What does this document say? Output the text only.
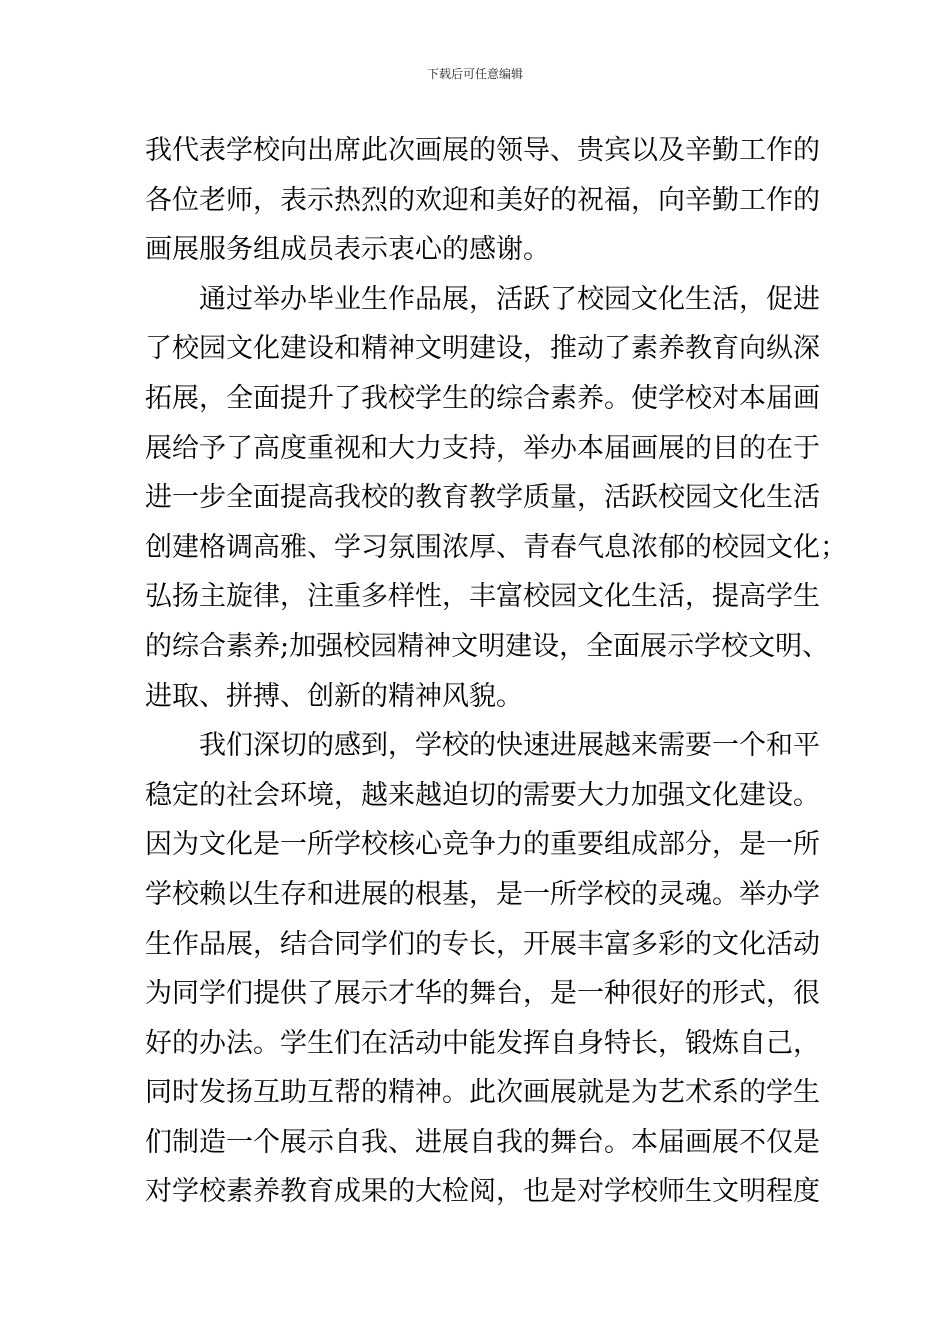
下载后可任意编辑
我代表学校向出席此次画展的领导、贵宾以及辛勤工作的
各位老师，表示热烈的欢迎和美好的祝福，向辛勤工作的
画展服务组成员表示衷心的感谢。
通过举办毕业生作品展，活跃了校园文化生活，促进
了校园文化建设和精神文明建设，推动了素养教育向纵深
拓展，全面提升了我校学生的综合素养。使学校对本届画
展给予了高度重视和大力支持，举办本届画展的目的在于
进一步全面提高我校的教育教学质量，活跃校园文化生活
创建格调高雅、学习氛围浓厚、青春气息浓郁的校园文化；
弘扬主旋律，注重多样性，丰富校园文化生活，提高学生
的综合素养;加强校园精神文明建设，全面展示学校文明、
进取、拼搏、创新的精神风貌。
我们深切的感到，学校的快速进展越来需要一个和平
稳定的社会环境，越来越迫切的需要大力加强文化建设。
因为文化是一所学校核心竞争力的重要组成部分，是一所
学校赖以生存和进展的根基，是一所学校的灵魂。举办学
生作品展，结合同学们的专长，开展丰富多彩的文化活动
为同学们提供了展示才华的舞台，是一种很好的形式，很
好的办法。学生们在活动中能发挥自身特长，锻炼自己，
同时发扬互助互帮的精神。此次画展就是为艺术系的学生
们制造一个展示自我、进展自我的舞台。本届画展不仅是
对学校素养教育成果的大检阅，也是对学校师生文明程度
